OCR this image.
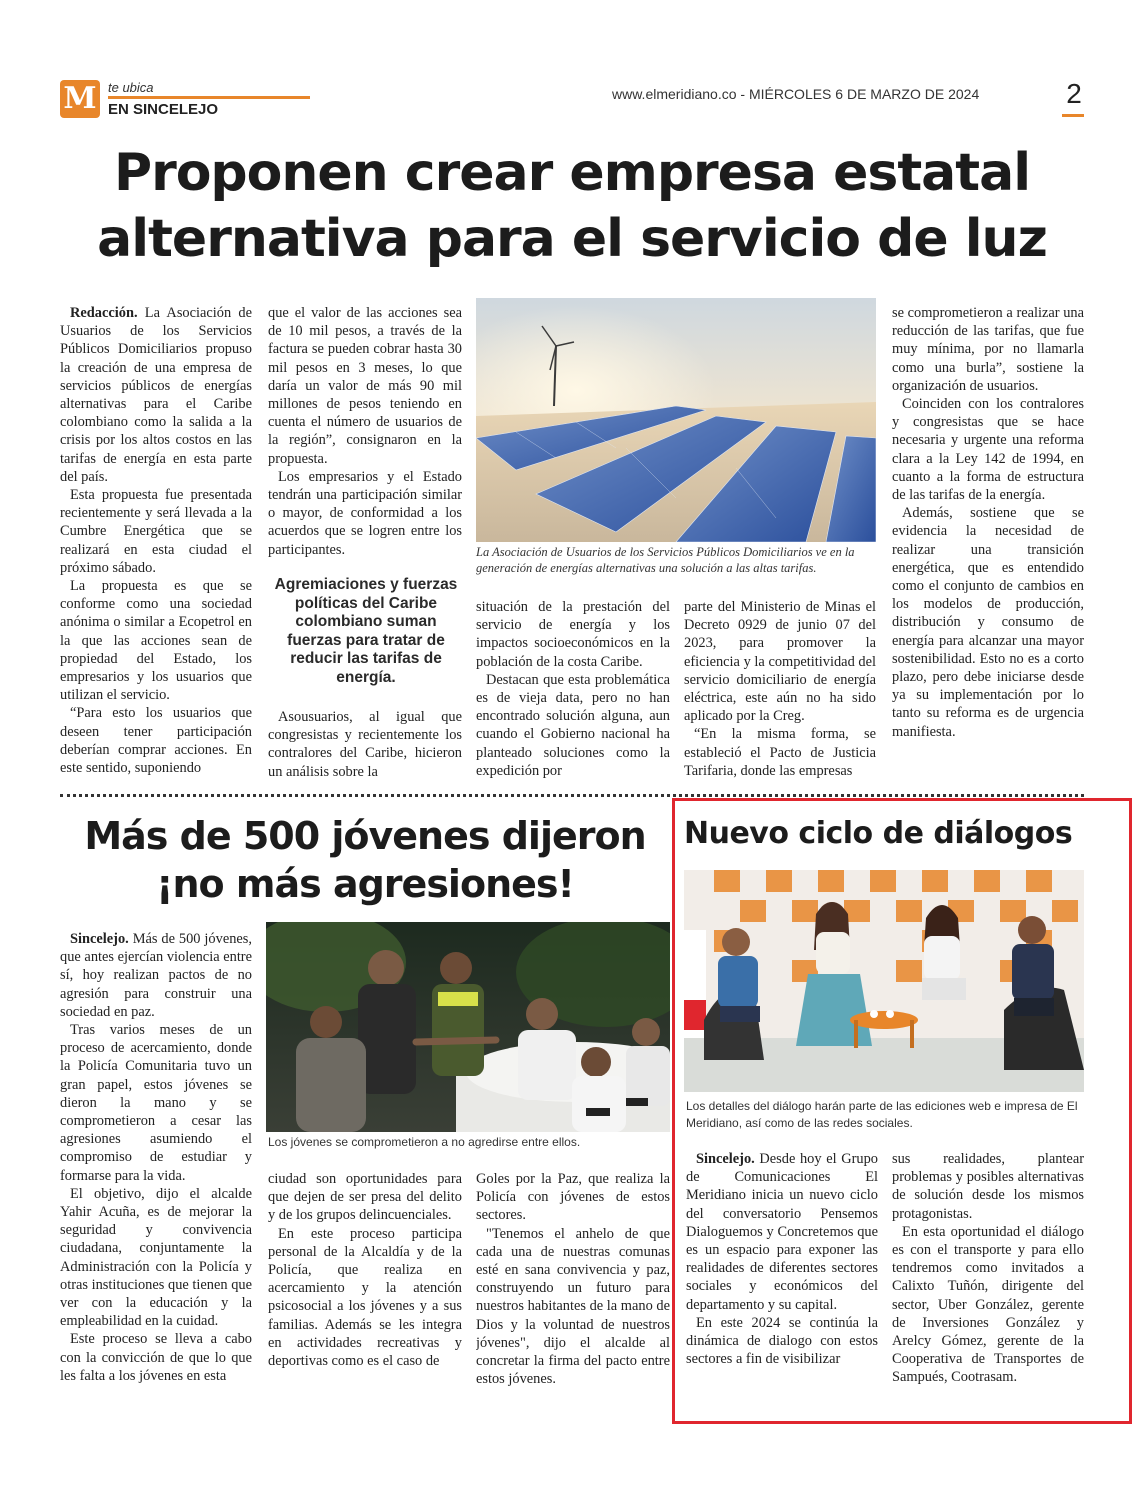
M te ubica
EN SINCELEJO
www.elmeridiano.co - MIÉRCOLES 6 DE MARZO DE 2024	2
Proponen crear empresa estatal
alternativa para el servicio de luz

Redacción. La Asociación de Usuarios de los Servicios Públicos Domiciliarios propuso la creación de una empresa de servicios públicos de energías alternativas para el Caribe colombiano como la salida a la crisis por los altos costos en las tarifas de energía en esta parte del país.

Esta propuesta fue presentada recientemente y será llevada a la Cumbre Energética que se realizará en esta ciudad el próximo sábado.

La propuesta es que se conforme como una sociedad anónima o similar a Ecopetrol en la que las acciones sean de propiedad del Estado, los empresarios y los usuarios que utilizan el servicio.

“Para esto los usuarios que deseen tener participación deberían comprar acciones. En este sentido, suponiendo

que el valor de las acciones sea de 10 mil pesos, a través de la factura se pueden cobrar hasta 30 mil pesos en 3 meses, lo que daría un valor de más 90 mil millones de pesos teniendo en cuenta el número de usuarios de la región”, consignaron en la propuesta.

Los empresarios y el Estado tendrán una participación similar o mayor, de conformidad a los acuerdos que se logren entre los participantes.

Agremiaciones y fuerzas políticas del Caribe colombiano suman fuerzas para tratar de reducir las tarifas de energía.

Asousuarios, al igual que congresistas y recientemente los contralores del Caribe, hicieron un análisis sobre la

La Asociación de Usuarios de los Servicios Públicos Domiciliarios ve en la generación de energías alternativas una solución a las altas tarifas.

situación de la prestación del servicio de energía y los impactos socioeconómicos en la población de la costa Caribe.

Destacan que esta problemática es de vieja data, pero no han encontrado solución alguna, aun cuando el Gobierno nacional ha planteado soluciones como la expedición por

parte del Ministerio de Minas el Decreto 0929 de junio 07 del 2023, para promover la eficiencia y la competitividad del servicio domiciliario de energía eléctrica, este aún no ha sido aplicado por la Creg.

“En la misma forma, se estableció el Pacto de Justicia Tarifaria, donde las empresas

se comprometieron a realizar una reducción de las tarifas, que fue muy mínima, por no llamarla como una burla”, sostiene la organización de usuarios.

Coinciden con los contralores y congresistas que se hace necesaria y urgente una reforma clara a la Ley 142 de 1994, en cuanto a la forma de estructura de las tarifas de la energía.

Además, sostiene que se evidencia la necesidad de realizar una transición energética, que es entendido como el conjunto de cambios en los modelos de producción, distribución y consumo de energía para alcanzar una mayor sostenibilidad. Esto no es a corto plazo, pero debe iniciarse desde ya su implementación por lo tanto su reforma es de urgencia manifiesta.

Más de 500 jóvenes dijeron
¡no más agresiones!

Sincelejo. Más de 500 jóvenes, que antes ejercían violencia entre sí, hoy realizan pactos de no agresión para construir una sociedad en paz.

Tras varios meses de un proceso de acercamiento, donde la Policía Comunitaria tuvo un gran papel, estos jóvenes se dieron la mano y se comprometieron a cesar las agresiones asumiendo el compromiso de estudiar y formarse para la vida.

El objetivo, dijo el alcalde Yahir Acuña, es de mejorar la seguridad y convivencia ciudadana, conjuntamente la Administración con la Policía y otras instituciones que tienen que ver con la educación y la empleabilidad en la cuidad.

Este proceso se lleva a cabo con la convicción de que lo que les falta a los jóvenes en esta

Los jóvenes se comprometieron a no agredirse entre ellos.

ciudad son oportunidades para que dejen de ser presa del delito y de los grupos delincuenciales.

En este proceso participa personal de la Alcaldía y de la Policía, que realiza en acercamiento y la atención psicosocial a los jóvenes y a sus familias. Además se les integra en actividades recreativas y deportivas como es el caso de

Goles por la Paz, que realiza la Policía con jóvenes de estos sectores.

"Tenemos el anhelo de que cada una de nuestras comunas esté en sana convivencia y paz, construyendo un futuro para nuestros habitantes de la mano de Dios y la voluntad de nuestros jóvenes", dijo el alcalde al concretar la firma del pacto entre estos jóvenes.

Nuevo ciclo de diálogos
Los detalles del diálogo harán parte de las ediciones web e impresa de El Meridiano, así como de las redes sociales.

Sincelejo. Desde hoy el Grupo de Comunicaciones El Meridiano inicia un nuevo ciclo del conversatorio Pensemos Dialoguemos y Concretemos que es un espacio para exponer las realidades de diferentes sectores sociales y económicos del departamento y su capital.

En este 2024 se continúa la dinámica de dialogo con estos sectores a fin de visibilizar

sus realidades, plantear problemas y posibles alternativas de solución desde los mismos protagonistas.

En esta oportunidad el diálogo es con el transporte y para ello tendremos como invitados a Calixto Tuñón, dirigente del sector, Uber González, gerente de Inversiones González y Arelcy Gómez, gerente de la Cooperativa de Transportes de Sampués, Cootrasam.
